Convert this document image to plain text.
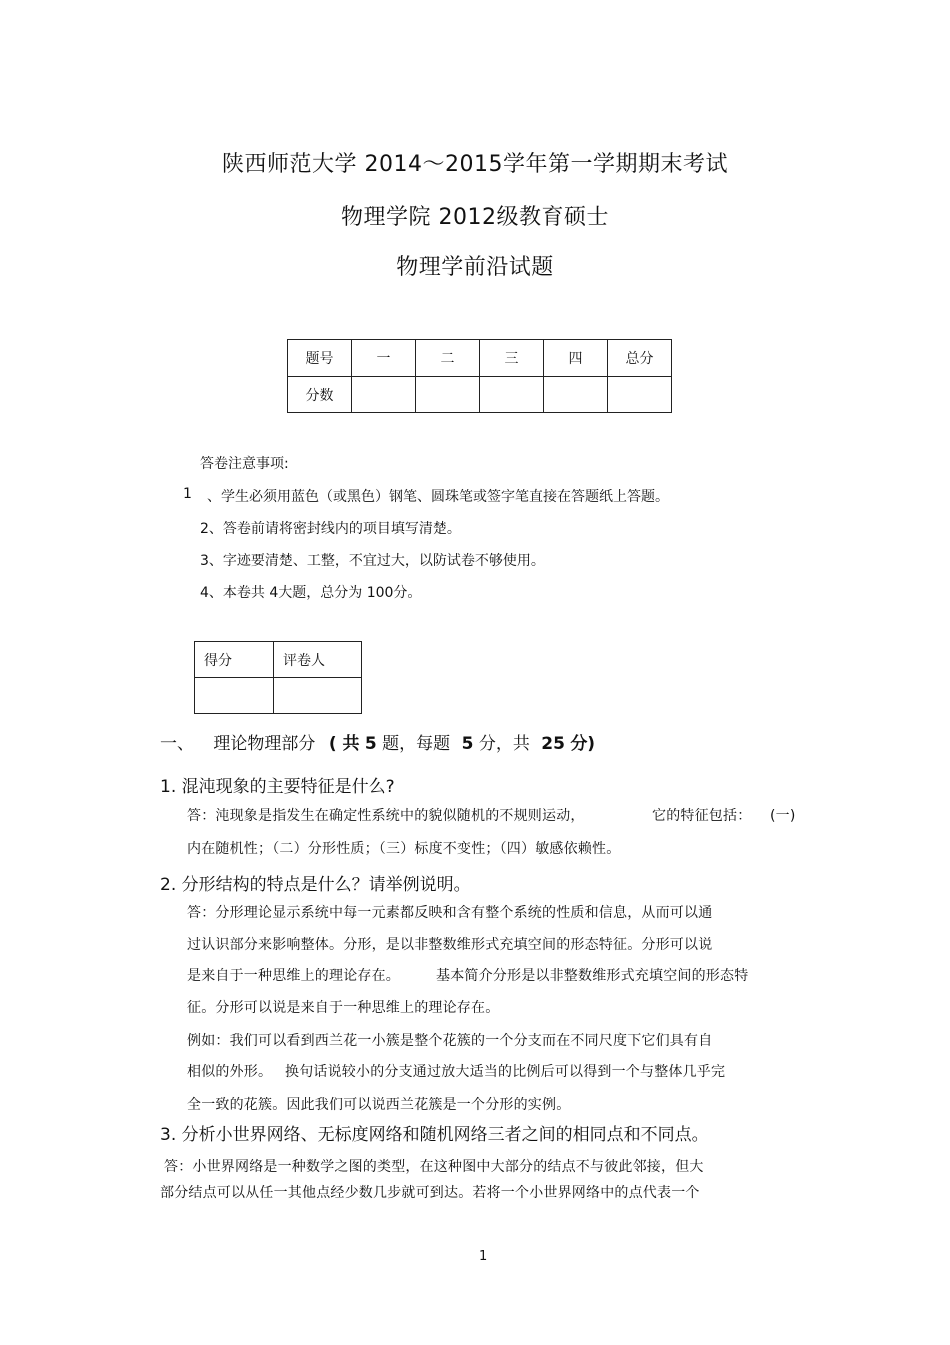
陕西师范大学 2014～2015学年第一学期期末考试
物理学院 2012级教育硕士
物理学前沿试题
题号	一	二	三	四	总分
分数					
答卷注意事项:
1 、学生必须用蓝色（或黑色）钢笔、圆珠笔或签字笔直接在答题纸上答题。
2、答卷前请将密封线内的项目填写清楚。
3、字迹要清楚、工整，不宜过大，以防试卷不够使用。
4、本卷共 4大题，总分为 100分。
得分	评卷人

一、 理论物理部分 ( 共 5 题，每题 5 分，共 25 分)
1. 混沌现象的主要特征是什么?
答：沌现象是指发生在确定性系统中的貌似随机的不规则运动，	它的特征包括： (一)
内在随机性；（二）分形性质；（三）标度不变性；（四）敏感依赖性。
2. 分形结构的特点是什么？请举例说明。
答：分形理论显示系统中每一元素都反映和含有整个系统的性质和信息，从而可以通
过认识部分来影响整体。分形，是以非整数维形式充填空间的形态特征。分形可以说
是来自于一种思维上的理论存在。	基本简介分形是以非整数维形式充填空间的形态特
征。分形可以说是来自于一种思维上的理论存在。
例如：我们可以看到西兰花一小簇是整个花簇的一个分支而在不同尺度下它们具有自
相似的外形。 换句话说较小的分支通过放大适当的比例后可以得到一个与整体几乎完
全一致的花簇。因此我们可以说西兰花簇是一个分形的实例。
3. 分析小世界网络、无标度网络和随机网络三者之间的相同点和不同点。
答：小世界网络是一种数学之图的类型，在这种图中大部分的结点不与彼此邻接，但大
部分结点可以从任一其他点经少数几步就可到达。若将一个小世界网络中的点代表一个
1
